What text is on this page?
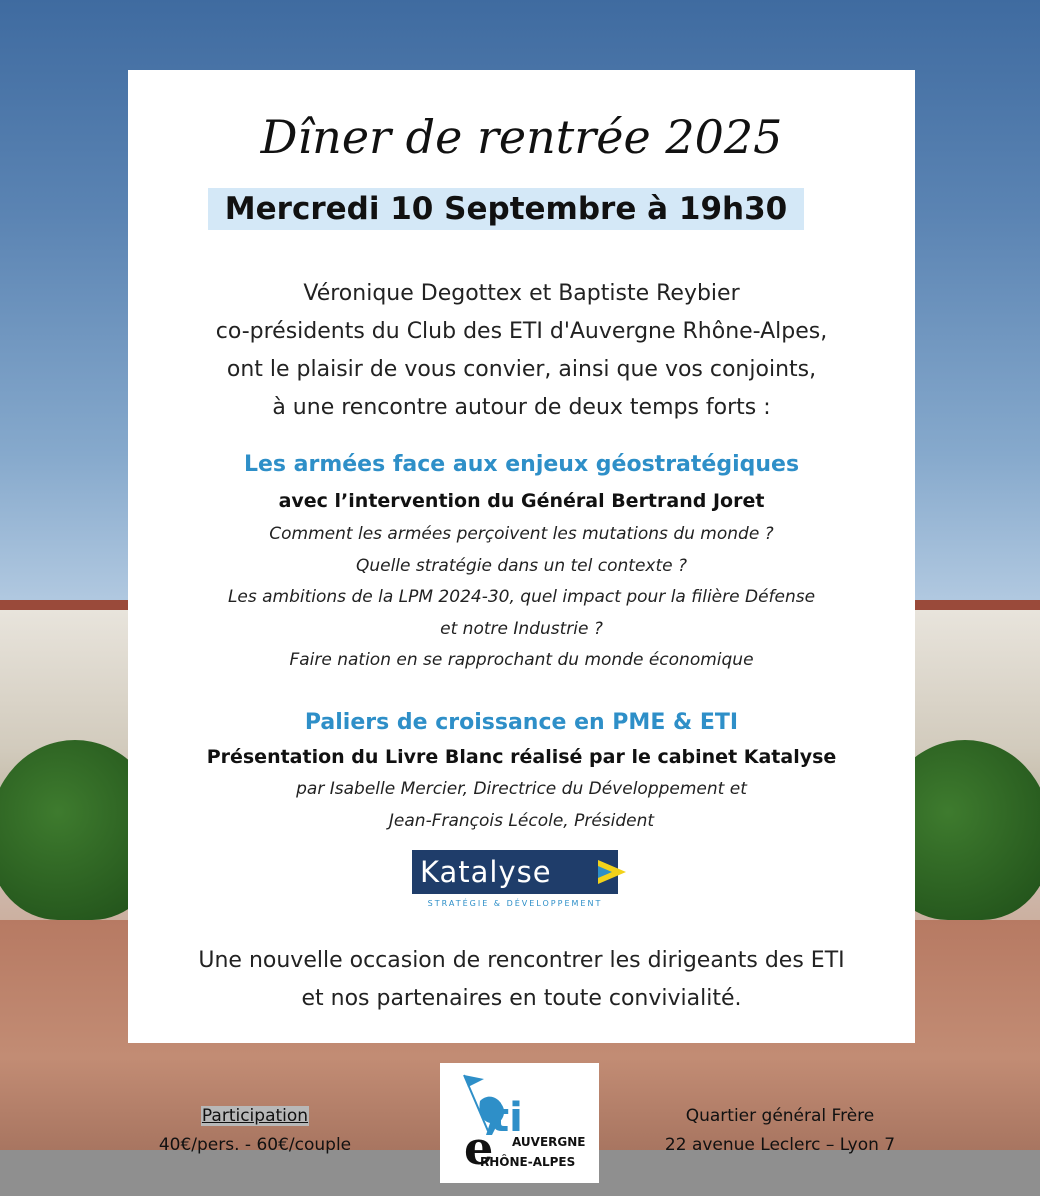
Dîner de rentrée 2025
Mercredi 10 Septembre à 19h30
Véronique Degottex et Baptiste Reybier
co-présidents du Club des ETI d'Auvergne Rhône-Alpes,
ont le plaisir de vous convier, ainsi que vos conjoints,
à une rencontre autour de deux temps forts :
Les armées face aux enjeux géostratégiques
avec l’intervention du Général Bertrand Joret
Comment les armées perçoivent les mutations du monde ?
Quelle stratégie dans un tel contexte ?
Les ambitions de la LPM 2024-30, quel impact pour la filière Défense
et notre Industrie ?
Faire nation en se rapprochant du monde économique
Paliers de croissance en PME & ETI
Présentation du Livre Blanc réalisé par le cabinet Katalyse
par Isabelle Mercier, Directrice du Développement et
Jean-François Lécole, Président
Katalyse
STRATÉGIE & DÉVELOPPEMENT
Une nouvelle occasion de rencontrer les dirigeants des ETI
et nos partenaires en toute convivialité.
Participation
40€/pers. - 60€/couple	e
ti
AUVERGNE
RHÔNE-ALPES
Quartier général Frère
22 avenue Leclerc – Lyon 7
